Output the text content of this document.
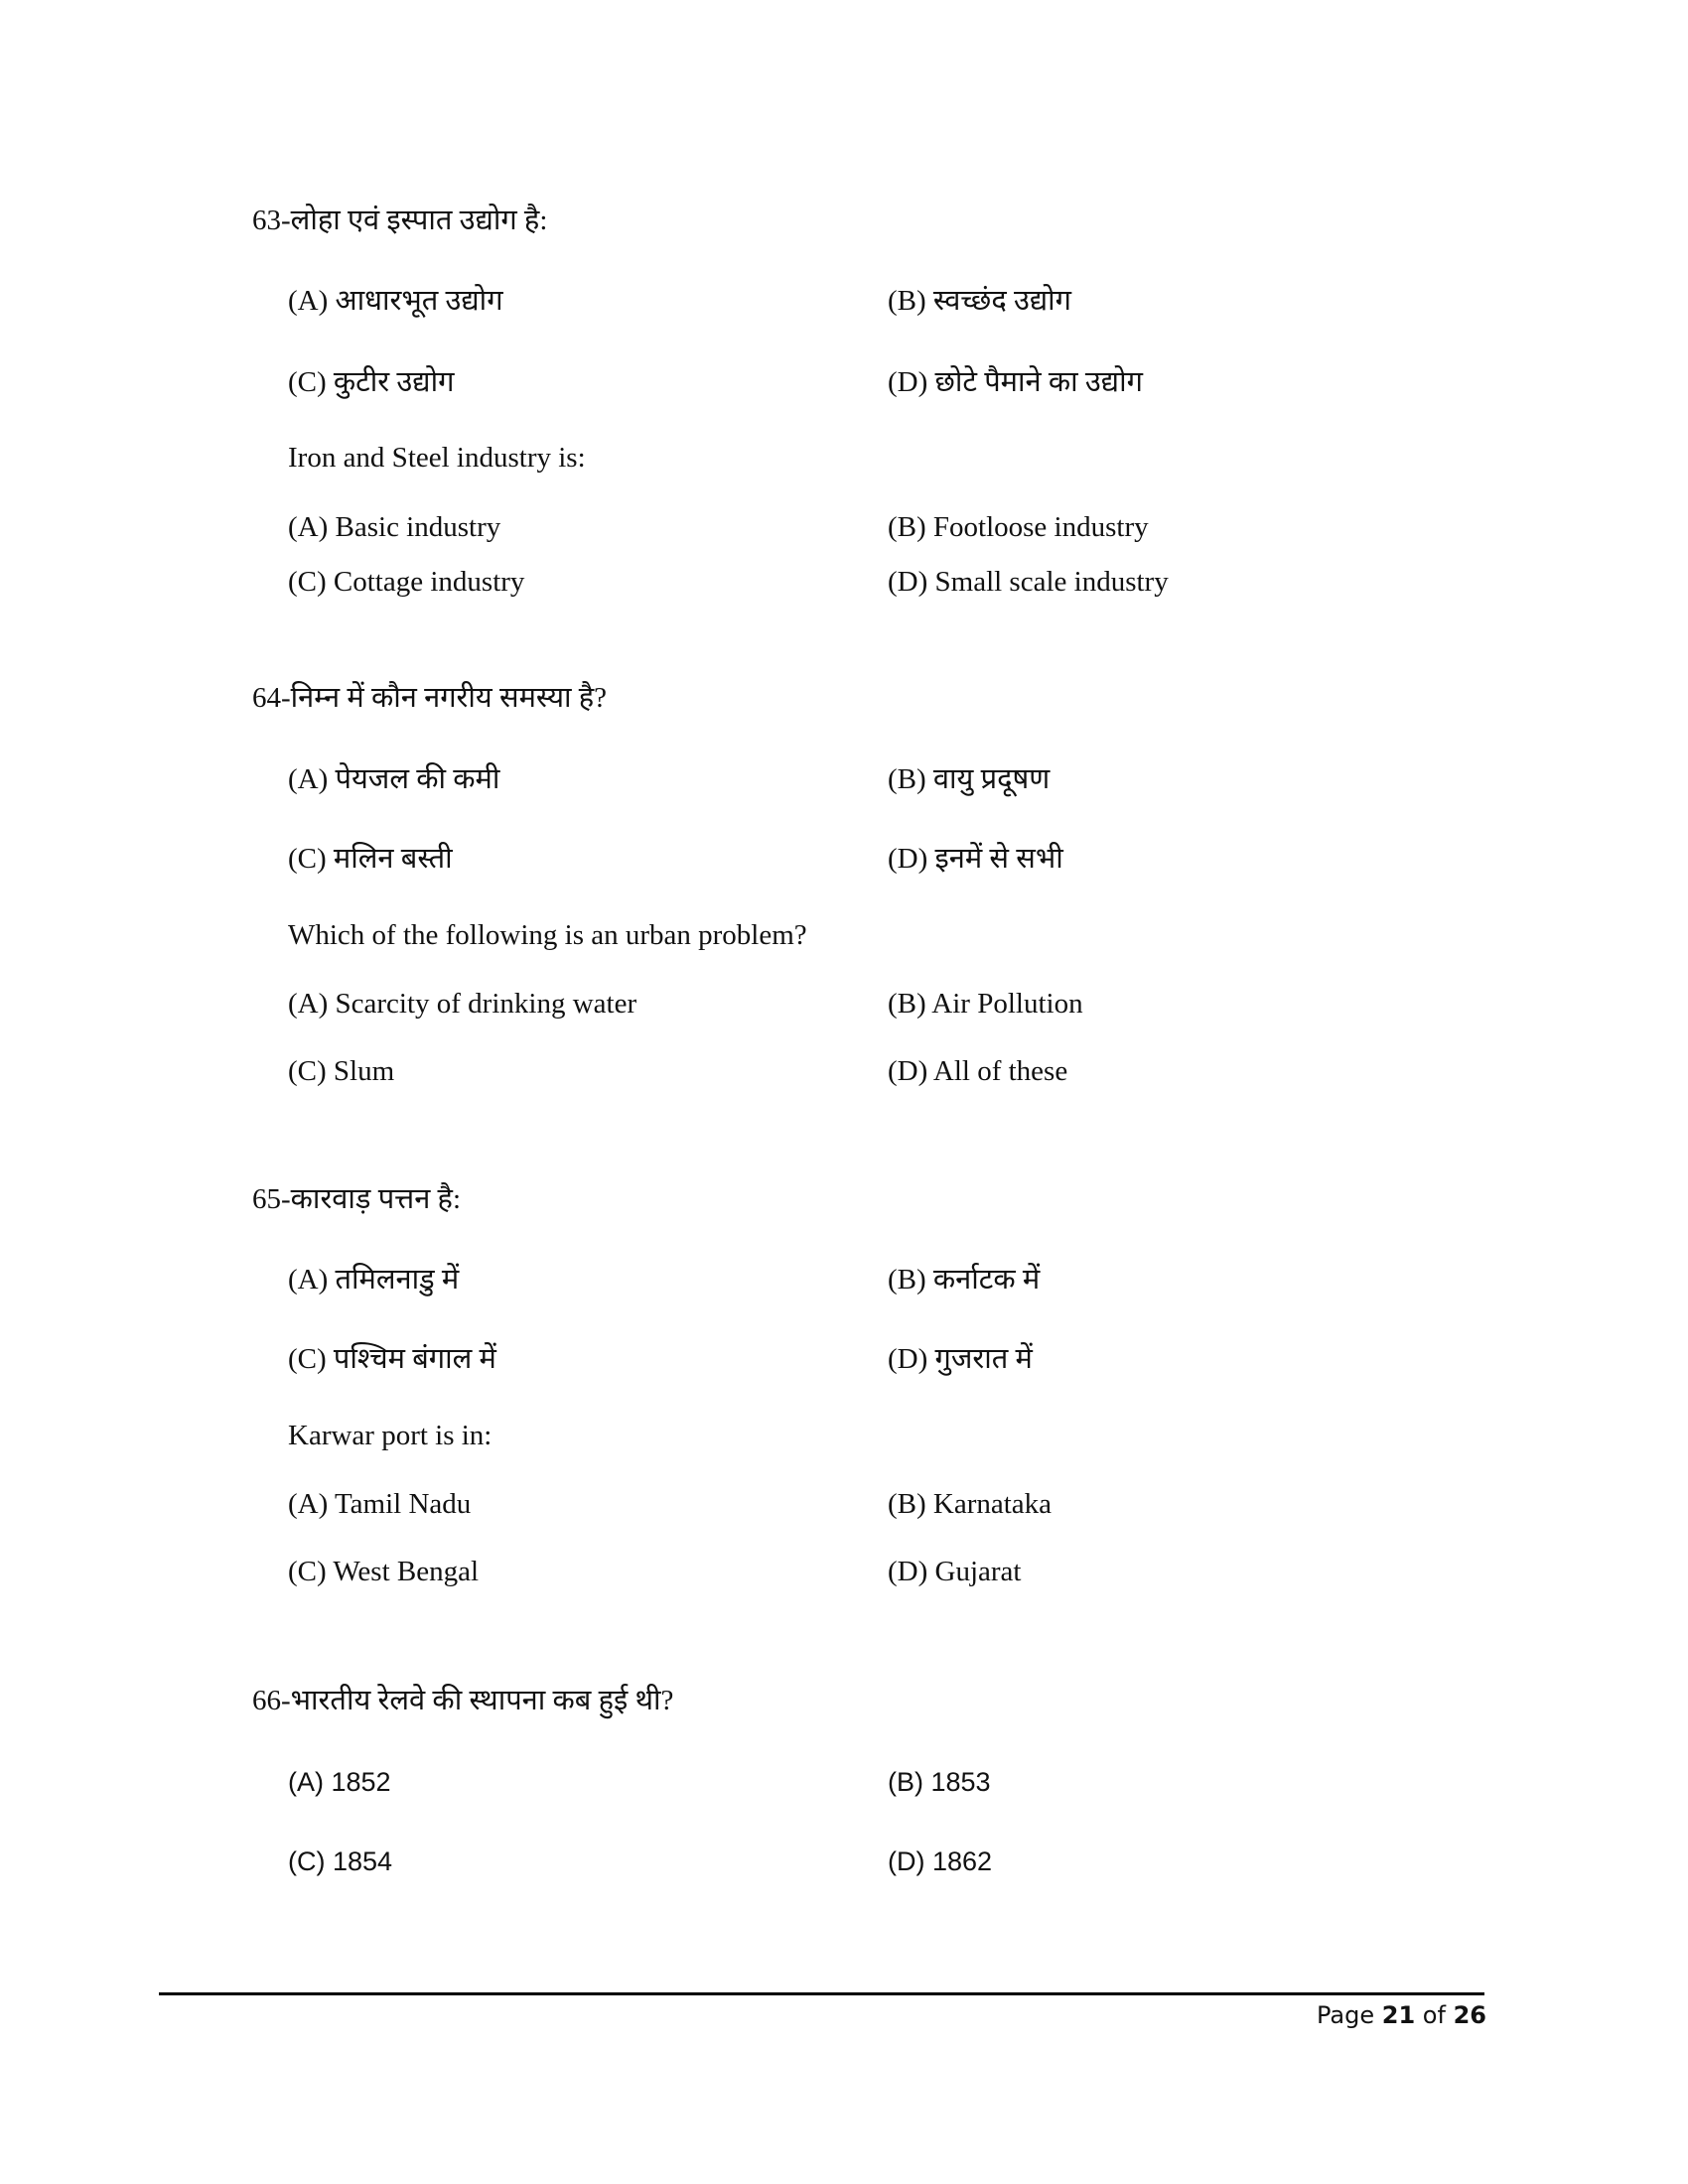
63-लोहा एवं इस्पात उद्योग है:
(A) आधारभूत उद्योग	(B) स्वच्छंद उद्योग
(C) कुटीर उद्योग	(D) छोटे पैमाने का उद्योग
Iron and Steel industry is:
(A) Basic industry	(B) Footloose industry
(C) Cottage industry	(D) Small scale industry
64-निम्न में कौन नगरीय समस्या है?
(A) पेयजल की कमी	(B) वायु प्रदूषण
(C) मलिन बस्ती	(D) इनमें से सभी
Which of the following is an urban problem?
(A) Scarcity of drinking water	(B) Air Pollution
(C) Slum	(D) All of these
65-कारवाड़ पत्तन है:
(A) तमिलनाडु में	(B) कर्नाटक में
(C) पश्चिम बंगाल में	(D) गुजरात में
Karwar port is in:
(A) Tamil Nadu	(B) Karnataka
(C) West Bengal	(D) Gujarat
66-भारतीय रेलवे की स्थापना कब हुई थी?
(A) 1852	(B) 1853
(C) 1854	(D) 1862
Page 21 of 26
